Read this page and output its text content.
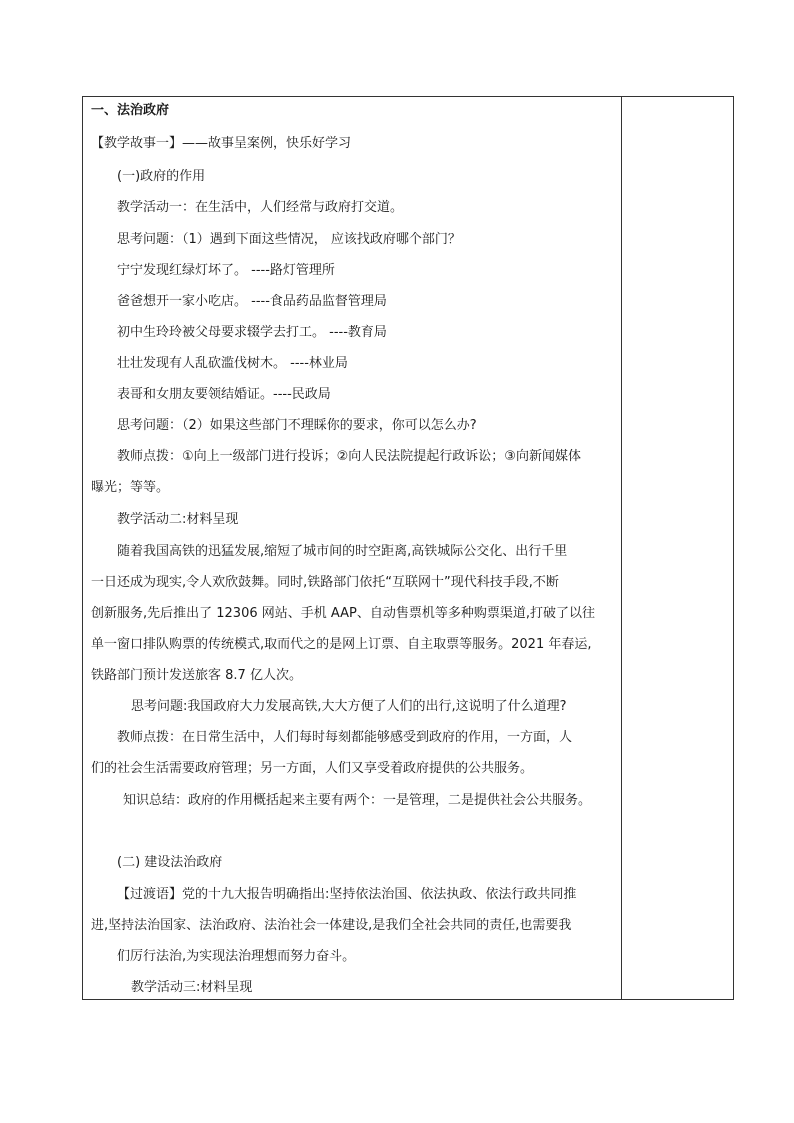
一、法治政府
【教学故事一】——故事呈案例，快乐好学习
(一)政府的作用
教学活动一：在生活中，人们经常与政府打交道。
思考问题：（1）遇到下面这些情况， 应该找政府哪个部门？
宁宁发现红绿灯坏了。 ----路灯管理所
爸爸想开一家小吃店。 ----食品药品监督管理局
初中生玲玲被父母要求辍学去打工。 ----教育局
壮壮发现有人乱砍滥伐树木。 ----林业局
表哥和女朋友要领结婚证。----民政局
思考问题：（2）如果这些部门不理睬你的要求，你可以怎么办?
教师点拨：①向上一级部门进行投诉；②向人民法院提起行政诉讼；③向新闻媒体
曝光；等等。
教学活动二:材料呈现
随着我国高铁的迅猛发展,缩短了城市间的时空距离,高铁城际公交化、出行千里
一日还成为现实,令人欢欣鼓舞。同时,铁路部门依托“互联网十”现代科技手段,不断
创新服务,先后推出了 12306 网站、手机 AAP、自动售票机等多种购票渠道,打破了以往
单一窗口排队购票的传统模式,取而代之的是网上订票、自主取票等服务。2021 年春运,
铁路部门预计发送旅客 8.7 亿人次。
思考问题:我国政府大力发展高铁,大大方便了人们的出行,这说明了什么道理?
教师点拨：在日常生活中，人们每时每刻都能够感受到政府的作用，一方面，人
们的社会生活需要政府管理；另一方面，人们又享受着政府提供的公共服务。
知识总结：政府的作用概括起来主要有两个：一是管理，二是提供社会公共服务。
(二) 建设法治政府
【过渡语】党的十九大报告明确指出:坚持依法治国、依法执政、依法行政共同推
进,坚持法治国家、法治政府、法治社会一体建设,是我们全社会共同的责任,也需要我
们厉行法治,为实现法治理想而努力奋斗。
教学活动三:材料呈现
